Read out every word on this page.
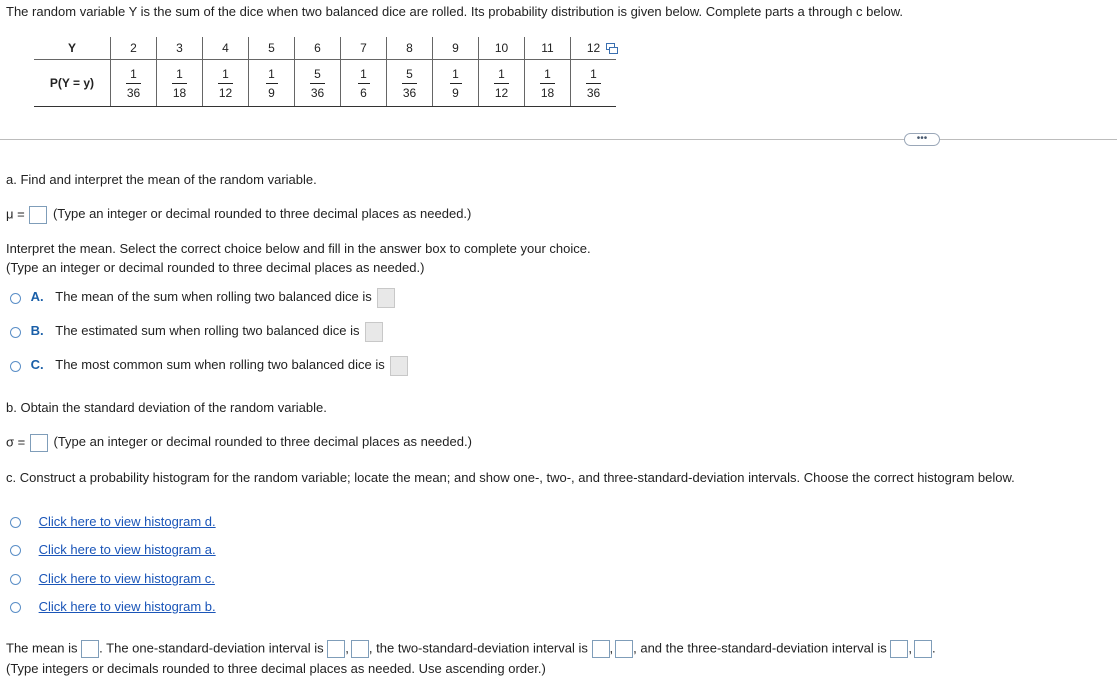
The random variable Y is the sum of the dice when two balanced dice are rolled. Its probability distribution is given below. Complete parts a through c below.
Y	2	3	4	5	6	7	8	9	10	11	12
P(Y = y)	$\frac{1}{36}$	$\frac{1}{18}$	$\frac{1}{12}$	$\frac{1}{9}$	$\frac{5}{36}$	$\frac{1}{6}$	$\frac{5}{36}$	$\frac{1}{9}$	$\frac{1}{12}$	$\frac{1}{18}$	$\frac{1}{36}$
•••
a. Find and interpret the mean of the random variable.
μ = (Type an integer or decimal rounded to three decimal places as needed.)
Interpret the mean. Select the correct choice below and fill in the answer box to complete your choice.
(Type an integer or decimal rounded to three decimal places as needed.)
A. The mean of the sum when rolling two balanced dice is
B. The estimated sum when rolling two balanced dice is
C. The most common sum when rolling two balanced dice is
b. Obtain the standard deviation of the random variable.
σ = (Type an integer or decimal rounded to three decimal places as needed.)
c. Construct a probability histogram for the random variable; locate the mean; and show one-, two-, and three-standard-deviation intervals. Choose the correct histogram below.
Click here to view histogram d.
Click here to view histogram a.
Click here to view histogram c.
Click here to view histogram b.
The mean is . The one-standard-deviation interval is , , the two-standard-deviation interval is , , and the three-standard-deviation interval is , .
(Type integers or decimals rounded to three decimal places as needed. Use ascending order.)
